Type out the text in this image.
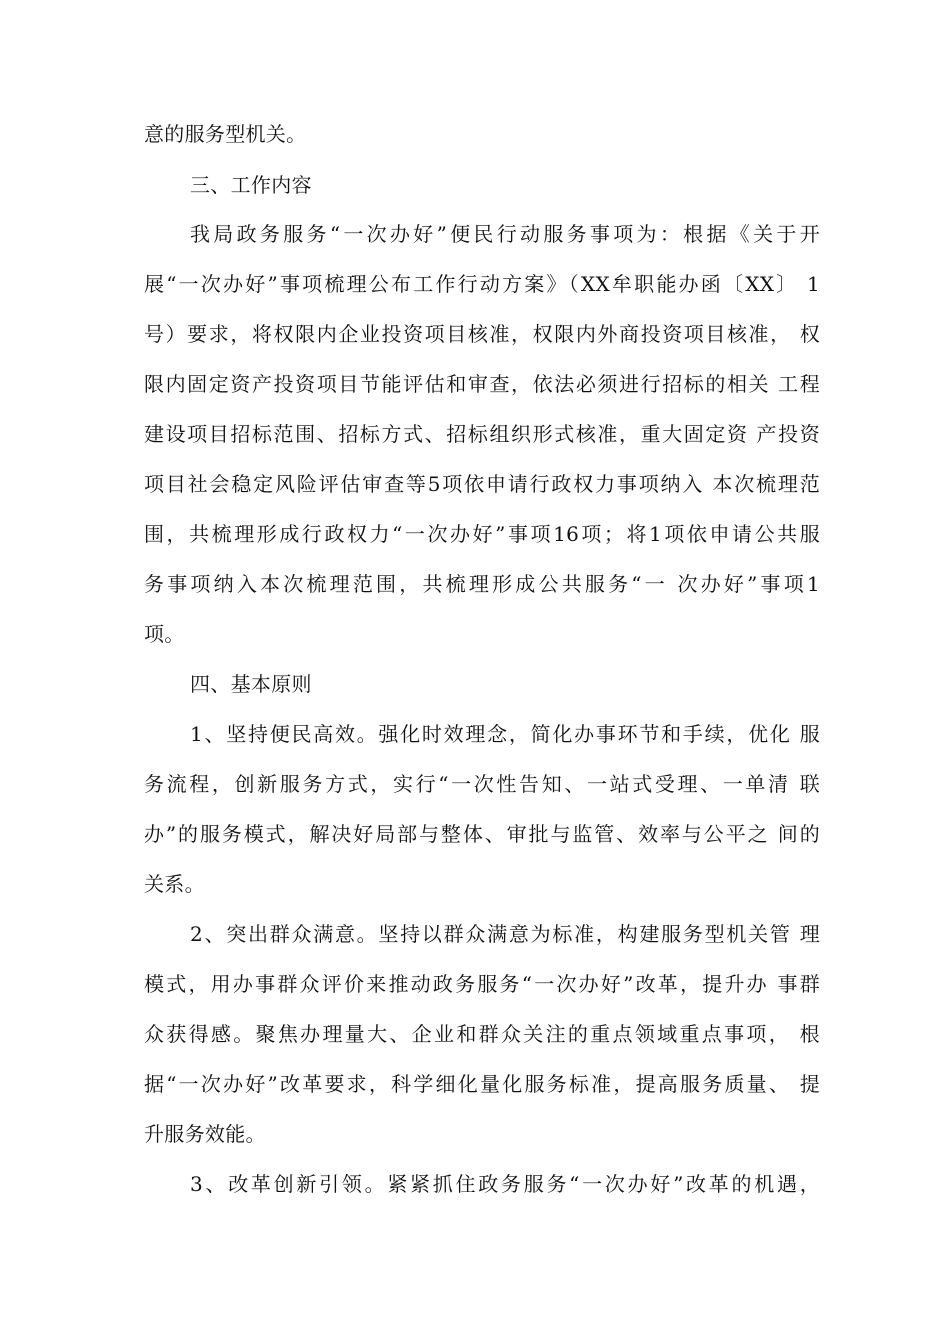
意的服务型机关。
三、工作内容
我局政务服务“一次办好”便民行动服务事项为：根据《关于开
展“一次办好”事项梳理公布工作行动方案》（XX牟职能办函〔XX〕 1
号）要求，将权限内企业投资项目核准，权限内外商投资项目核准， 权
限内固定资产投资项目节能评估和审查，依法必须进行招标的相关 工程
建设项目招标范围、招标方式、招标组织形式核准，重大固定资 产投资
项目社会稳定风险评估审查等5项依申请行政权力事项纳入 本次梳理范
围，共梳理形成行政权力“一次办好”事项16项；将1项依申请公共服
务事项纳入本次梳理范围，共梳理形成公共服务“一 次办好”事项1
项。
四、基本原则
1、坚持便民高效。强化时效理念，简化办事环节和手续，优化 服
务流程，创新服务方式，实行“一次性告知、一站式受理、一单清 联
办”的服务模式，解决好局部与整体、审批与监管、效率与公平之 间的
关系。
2、突出群众满意。坚持以群众满意为标准，构建服务型机关管 理
模式，用办事群众评价来推动政务服务“一次办好”改革，提升办 事群
众获得感。聚焦办理量大、企业和群众关注的重点领域重点事项， 根
据“一次办好”改革要求，科学细化量化服务标准，提高服务质量、 提
升服务效能。
3、改革创新引领。紧紧抓住政务服务“一次办好”改革的机遇，
